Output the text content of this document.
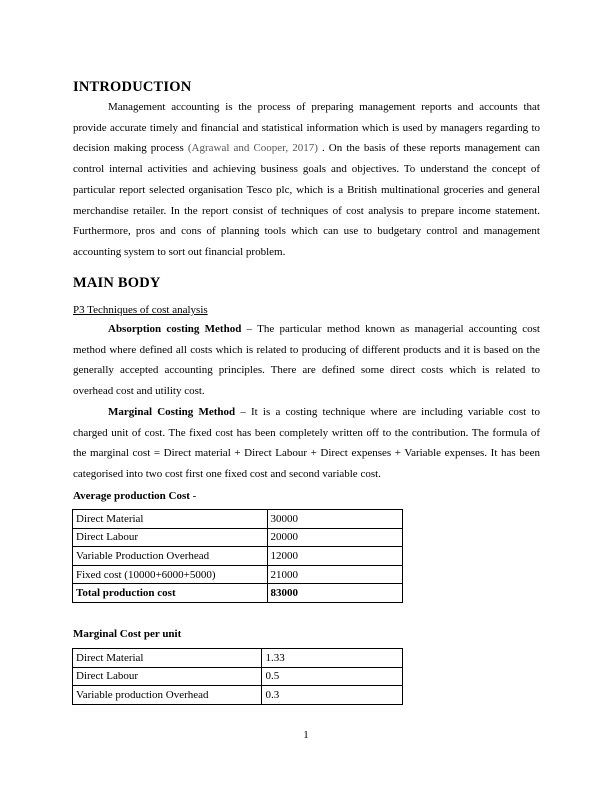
INTRODUCTION

Management accounting is the process of preparing management reports and accounts that provide accurate timely and financial and statistical information which is used by managers regarding to decision making process (Agrawal and Cooper, 2017) . On the basis of these reports management can control internal activities and achieving business goals and objectives. To understand the concept of particular report selected organisation Tesco plc, which is a British multinational groceries and general merchandise retailer. In the report consist of techniques of cost analysis to prepare income statement. Furthermore, pros and cons of planning tools which can use to budgetary control and management accounting system to sort out financial problem.

MAIN BODY

P3 Techniques of cost analysis

Absorption costing Method – The particular method known as managerial accounting cost method where defined all costs which is related to producing of different products and it is based on the generally accepted accounting principles. There are defined some direct costs which is related to overhead cost and utility cost.

Marginal Costing Method – It is a costing technique where are including variable cost to charged unit of cost. The fixed cost has been completely written off to the contribution. The formula of the marginal cost = Direct material + Direct Labour + Direct expenses + Variable expenses. It has been categorised into two cost first one fixed cost and second variable cost.

Average production Cost -

Direct Material	30000
Direct Labour	20000
Variable Production Overhead	12000
Fixed cost (10000+6000+5000)	21000
Total production cost	83000

Marginal Cost per unit

Direct Material	1.33
Direct Labour	0.5
Variable production Overhead	0.3
1
